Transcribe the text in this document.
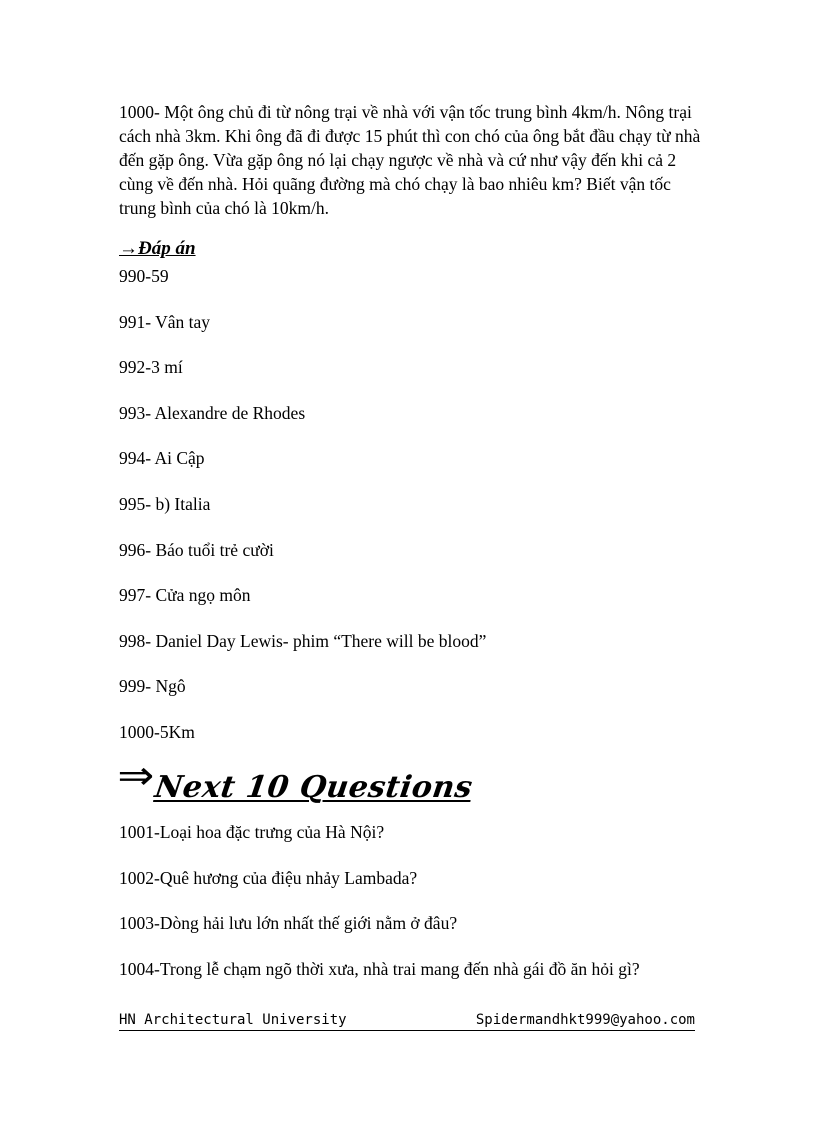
1000- Một ông chủ đi từ nông trại về nhà với vận tốc trung bình 4km/h. Nông trại cách nhà 3km. Khi ông đã đi được 15 phút thì con chó của ông bắt đầu chạy từ nhà đến gặp ông. Vừa gặp ông nó lại chạy ngược về nhà và cứ như vậy đến khi cả 2 cùng về đến nhà. Hỏi quãng đường mà chó chạy là bao nhiêu km? Biết vận tốc trung bình của chó là 10km/h.

→Đáp án
990-59
991- Vân tay
992-3 mí
993- Alexandre de Rhodes
994- Ai Cập
995- b) Italia
996- Báo tuổi trẻ cười
997- Cửa ngọ môn
998- Daniel Day Lewis- phim “There will be blood”
999- Ngô
1000-5Km
⇒Next 10 Questions
1001-Loại hoa đặc trưng của Hà Nội?
1002-Quê hương của điệu nhảy Lambada?
1003-Dòng hải lưu lớn nhất thế giới nằm ở đâu?
1004-Trong lễ chạm ngõ thời xưa, nhà trai mang đến nhà gái đồ ăn hỏi gì?
HN Architectural University	Spidermandhkt999@yahoo.com
